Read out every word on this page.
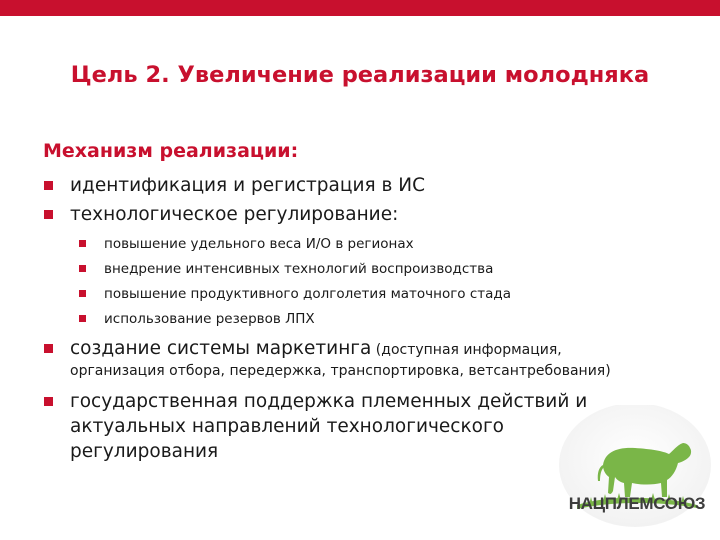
Цель 2. Увеличение реализации молодняка
Механизм реализации:
идентификация и регистрация в ИС
технологическое регулирование:
повышение удельного веса И/О в регионах
внедрение интенсивных технологий воспроизводства
повышение продуктивного долголетия маточного стада
использование резервов ЛПХ
создание системы маркетинга (доступная информация,
организация отбора, передержка, транспортировка, ветсантребования)
государственная поддержка племенных действий и
актуальных направлений технологического
регулирования
НАЦПЛЕМСОЮЗ
